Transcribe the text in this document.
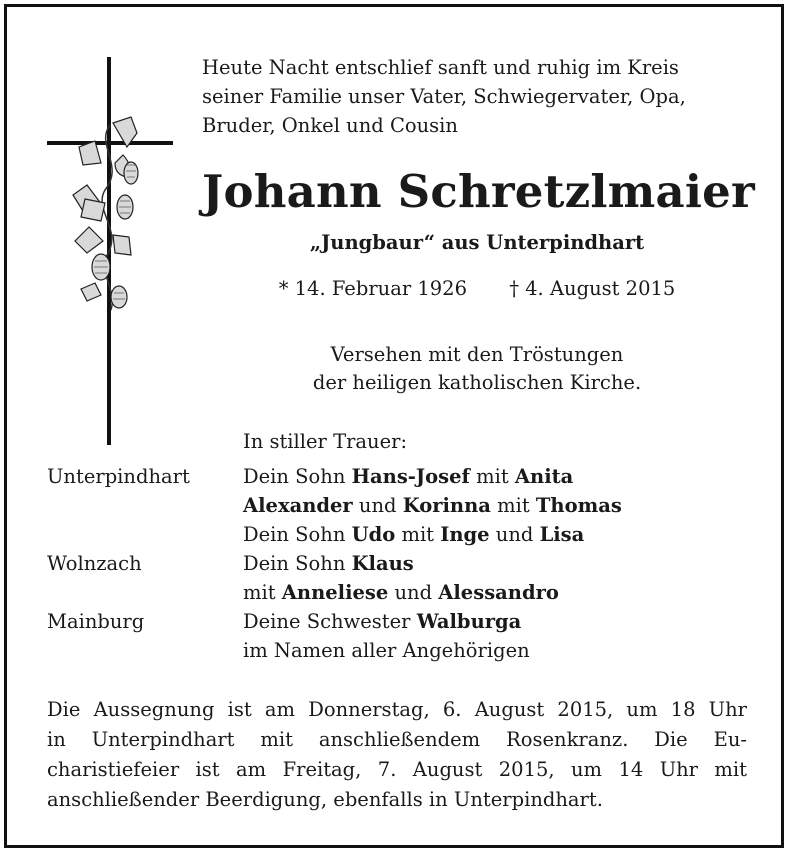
Heute Nacht entschlief sanft und ruhig im Kreis
seiner Familie unser Vater, Schwiegervater, Opa,
Bruder, Onkel und Cousin
Johann Schretzlmaier
„Jungbaur“ aus Unterpindhart
* 14. Februar 1926 † 4. August 2015
Versehen mit den Tröstungen
der heiligen katholischen Kirche.
In stiller Trauer:
Unterpindhart	Dein Sohn Hans-Josef mit Anita
Alexander und Korinna mit Thomas
Dein Sohn Udo mit Inge und Lisa
Wolnzach	Dein Sohn Klaus
mit Anneliese und Alessandro
Mainburg	Deine Schwester Walburga
im Namen aller Angehörigen
Die Aussegnung ist am Donnerstag, 6. August 2015, um 18 Uhr
in Unterpindhart mit anschließendem Rosenkranz. Die Eu-
charistiefeier ist am Freitag, 7. August 2015, um 14 Uhr mit
anschließender Beerdigung, ebenfalls in Unterpindhart.
